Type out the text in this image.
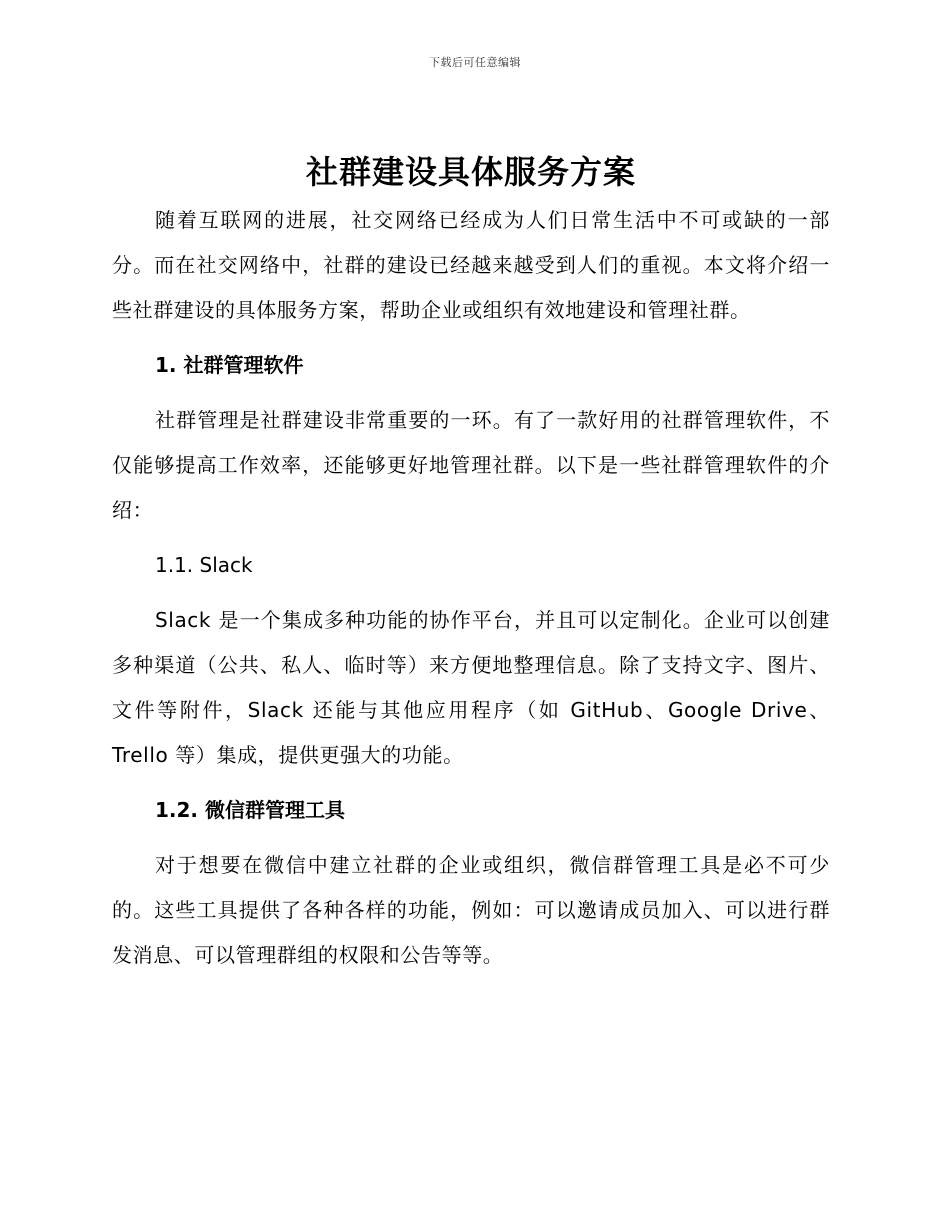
下载后可任意编辑
社群建设具体服务方案

随着互联网的进展，社交网络已经成为人们日常生活中不可或缺的一部分。而在社交网络中，社群的建设已经越来越受到人们的重视。本文将介绍一些社群建设的具体服务方案，帮助企业或组织有效地建设和管理社群。

1. 社群管理软件

社群管理是社群建设非常重要的一环。有了一款好用的社群管理软件，不仅能够提高工作效率，还能够更好地管理社群。以下是一些社群管理软件的介绍：

1.1. Slack

Slack 是一个集成多种功能的协作平台，并且可以定制化。企业可以创建多种渠道（公共、私人、临时等）来方便地整理信息。除了支持文字、图片、文件等附件，Slack 还能与其他应用程序（如 GitHub、Google Drive、Trello 等）集成，提供更强大的功能。

1.2. 微信群管理工具

对于想要在微信中建立社群的企业或组织，微信群管理工具是必不可少的。这些工具提供了各种各样的功能，例如：可以邀请成员加入、可以进行群发消息、可以管理群组的权限和公告等等。
